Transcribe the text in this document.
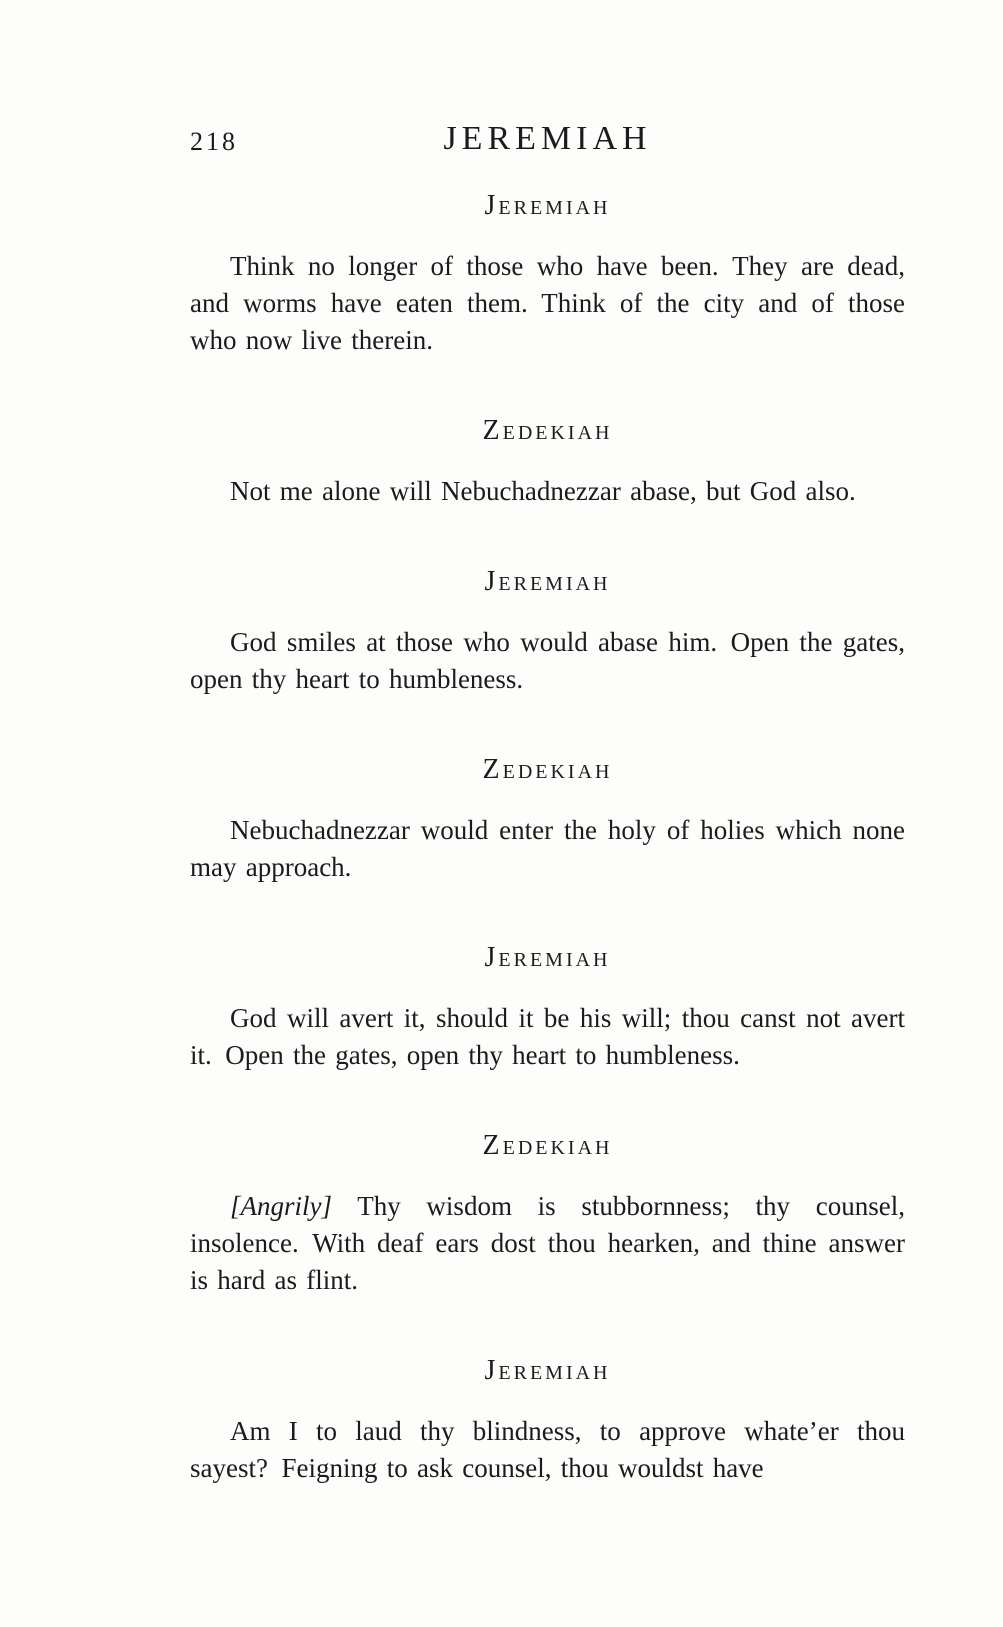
218	JEREMIAH
Jeremiah

Think no longer of those who have been. They are dead, and worms have eaten them. Think of the city and of those who now live therein.

Zedekiah

Not me alone will Nebuchadnezzar abase, but God also.

Jeremiah

God smiles at those who would abase him. Open the gates, open thy heart to humbleness.

Zedekiah

Nebuchadnezzar would enter the holy of holies which none may approach.

Jeremiah

God will avert it, should it be his will; thou canst not avert it. Open the gates, open thy heart to humbleness.

Zedekiah

[Angrily] Thy wisdom is stubbornness; thy counsel, insolence. With deaf ears dost thou hearken, and thine answer is hard as flint.

Jeremiah

Am I to laud thy blindness, to approve whate’er thou sayest? Feigning to ask counsel, thou wouldst have
